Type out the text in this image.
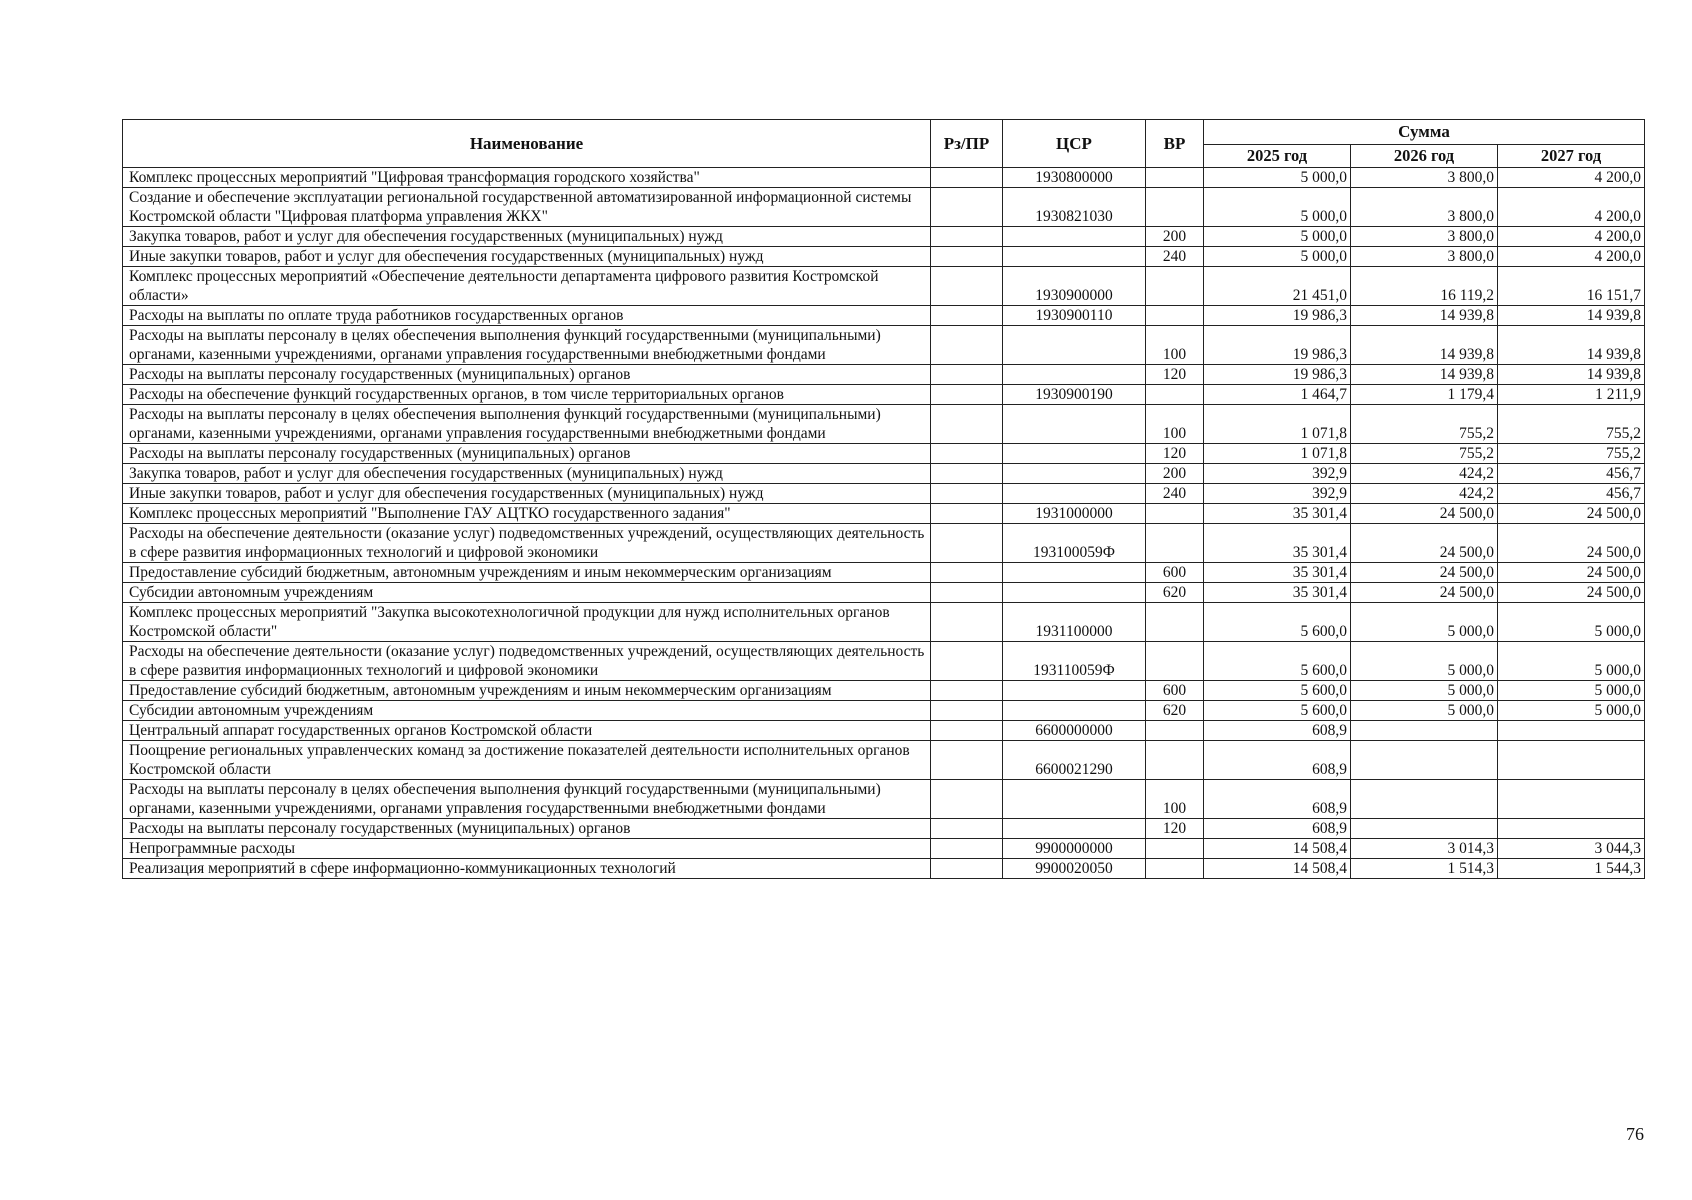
Наименование	Рз/ПР	ЦСР	ВР	Сумма		
				2025 год	2026 год	2027 год
Комплекс процессных мероприятий "Цифровая трансформация городского хозяйства"		1930800000		5 000,0	3 800,0	4 200,0
Создание и обеспечение эксплуатации региональной государственной автоматизированной информационной системы Костромской области "Цифровая платформа управления ЖКХ"		1930821030		5 000,0	3 800,0	4 200,0
Закупка товаров, работ и услуг для обеспечения государственных (муниципальных) нужд			200	5 000,0	3 800,0	4 200,0
Иные закупки товаров, работ и услуг для обеспечения государственных (муниципальных) нужд			240	5 000,0	3 800,0	4 200,0
Комплекс процессных мероприятий «Обеспечение деятельности департамента цифрового развития Костромской области»		1930900000		21 451,0	16 119,2	16 151,7
Расходы на выплаты по оплате труда работников государственных органов		1930900110		19 986,3	14 939,8	14 939,8
Расходы на выплаты персоналу в целях обеспечения выполнения функций государственными (муниципальными) органами, казенными учреждениями, органами управления государственными внебюджетными фондами			100	19 986,3	14 939,8	14 939,8
Расходы на выплаты персоналу государственных (муниципальных) органов			120	19 986,3	14 939,8	14 939,8
Расходы на обеспечение функций государственных органов, в том числе территориальных органов		1930900190		1 464,7	1 179,4	1 211,9
Расходы на выплаты персоналу в целях обеспечения выполнения функций государственными (муниципальными) органами, казенными учреждениями, органами управления государственными внебюджетными фондами			100	1 071,8	755,2	755,2
Расходы на выплаты персоналу государственных (муниципальных) органов			120	1 071,8	755,2	755,2
Закупка товаров, работ и услуг для обеспечения государственных (муниципальных) нужд			200	392,9	424,2	456,7
Иные закупки товаров, работ и услуг для обеспечения государственных (муниципальных) нужд			240	392,9	424,2	456,7
Комплекс процессных мероприятий "Выполнение ГАУ АЦТКО государственного задания"		1931000000		35 301,4	24 500,0	24 500,0
Расходы на обеспечение деятельности (оказание услуг) подведомственных учреждений, осуществляющих деятельность в сфере развития информационных технологий и цифровой экономики		193100059Ф		35 301,4	24 500,0	24 500,0
Предоставление субсидий бюджетным, автономным учреждениям и иным некоммерческим организациям			600	35 301,4	24 500,0	24 500,0
Субсидии автономным учреждениям			620	35 301,4	24 500,0	24 500,0
Комплекс процессных мероприятий "Закупка высокотехнологичной продукции для нужд исполнительных органов Костромской области"		1931100000		5 600,0	5 000,0	5 000,0
Расходы на обеспечение деятельности (оказание услуг) подведомственных учреждений, осуществляющих деятельность в сфере развития информационных технологий и цифровой экономики		193110059Ф		5 600,0	5 000,0	5 000,0
Предоставление субсидий бюджетным, автономным учреждениям и иным некоммерческим организациям			600	5 600,0	5 000,0	5 000,0
Субсидии автономным учреждениям			620	5 600,0	5 000,0	5 000,0
Центральный аппарат государственных органов Костромской области		6600000000		608,9		
Поощрение региональных управленческих команд за достижение показателей деятельности исполнительных органов Костромской области		6600021290		608,9		
Расходы на выплаты персоналу в целях обеспечения выполнения функций государственными (муниципальными) органами, казенными учреждениями, органами управления государственными внебюджетными фондами			100	608,9		
Расходы на выплаты персоналу государственных (муниципальных) органов			120	608,9		
Непрограммные расходы		9900000000		14 508,4	3 014,3	3 044,3
Реализация мероприятий в сфере информационно-коммуникационных технологий		9900020050		14 508,4	1 514,3	1 544,3
76
